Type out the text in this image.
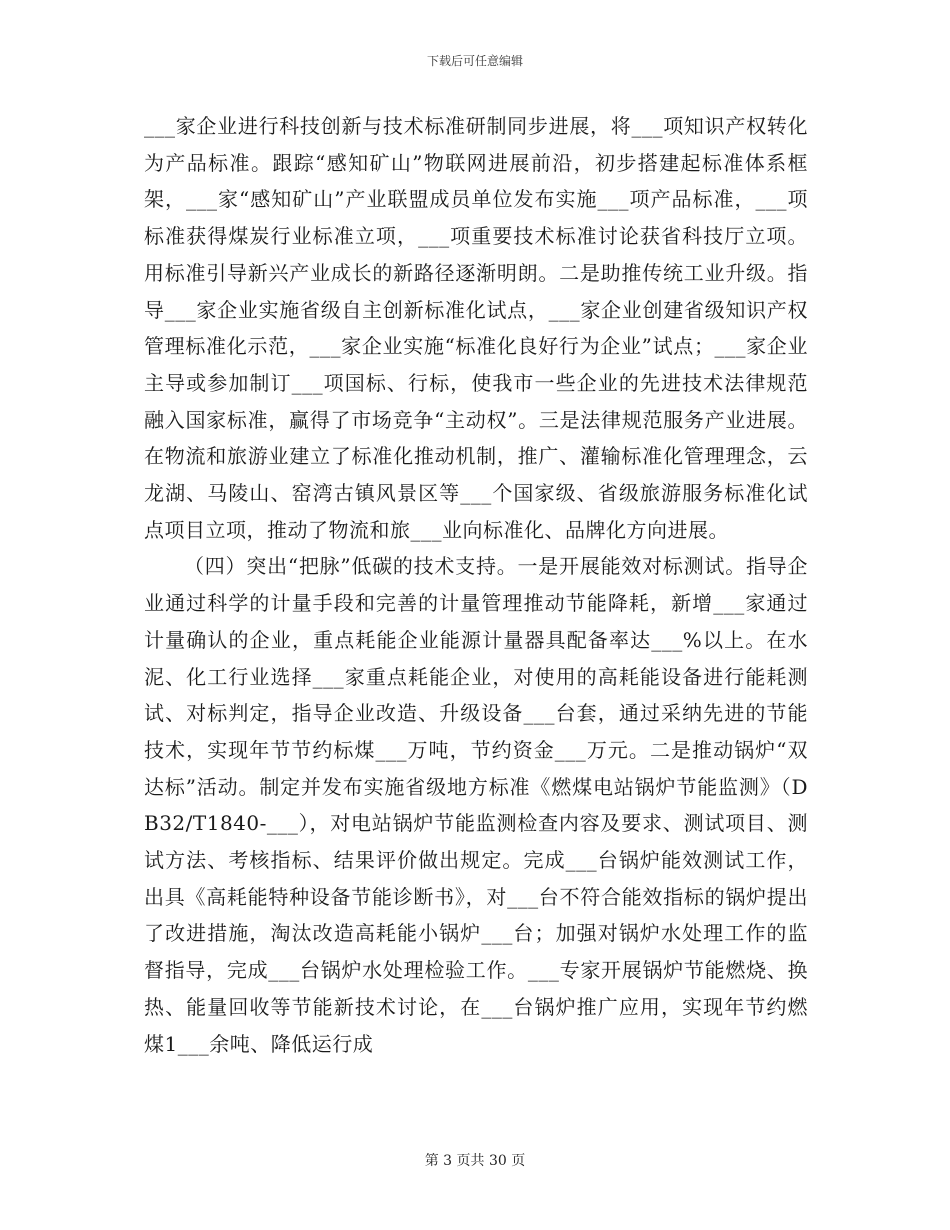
下载后可任意编辑

___家企业进行科技创新与技术标准研制同步进展，将___项知识产权转化为产品标准。跟踪“感知矿山”物联网进展前沿，初步搭建起标准体系框架，___家“感知矿山”产业联盟成员单位发布实施___项产品标准，___项标准获得煤炭行业标准立项，___项重要技术标准讨论获省科技厅立项。用标准引导新兴产业成长的新路径逐渐明朗。二是助推传统工业升级。指导___家企业实施省级自主创新标准化试点，___家企业创建省级知识产权管理标准化示范，___家企业实施“标准化良好行为企业”试点；___家企业主导或参加制订___项国标、行标，使我市一些企业的先进技术法律规范融入国家标准，赢得了市场竞争“主动权”。三是法律规范服务产业进展。在物流和旅游业建立了标准化推动机制，推广、灌输标准化管理理念，云龙湖、马陵山、窑湾古镇风景区等___个国家级、省级旅游服务标准化试点项目立项，推动了物流和旅___业向标准化、品牌化方向进展。

（四）突出“把脉”低碳的技术支持。一是开展能效对标测试。指导企业通过科学的计量手段和完善的计量管理推动节能降耗，新增___家通过计量确认的企业，重点耗能企业能源计量器具配备率达___%以上。在水泥、化工行业选择___家重点耗能企业，对使用的高耗能设备进行能耗测试、对标判定，指导企业改造、升级设备___台套，通过采纳先进的节能技术，实现年节节约标煤___万吨，节约资金___万元。二是推动锅炉“双达标”活动。制定并发布实施省级地方标准《燃煤电站锅炉节能监测》（DB32/T1840-___），对电站锅炉节能监测检查内容及要求、测试项目、测试方法、考核指标、结果评价做出规定。完成___台锅炉能效测试工作，出具《高耗能特种设备节能诊断书》，对___台不符合能效指标的锅炉提出了改进措施，淘汰改造高耗能小锅炉___台；加强对锅炉水处理工作的监督指导，完成___台锅炉水处理检验工作。___专家开展锅炉节能燃烧、换热、能量回收等节能新技术讨论，在___台锅炉推广应用，实现年节约燃煤1___余吨、降低运行成

第 3 页共 30 页
